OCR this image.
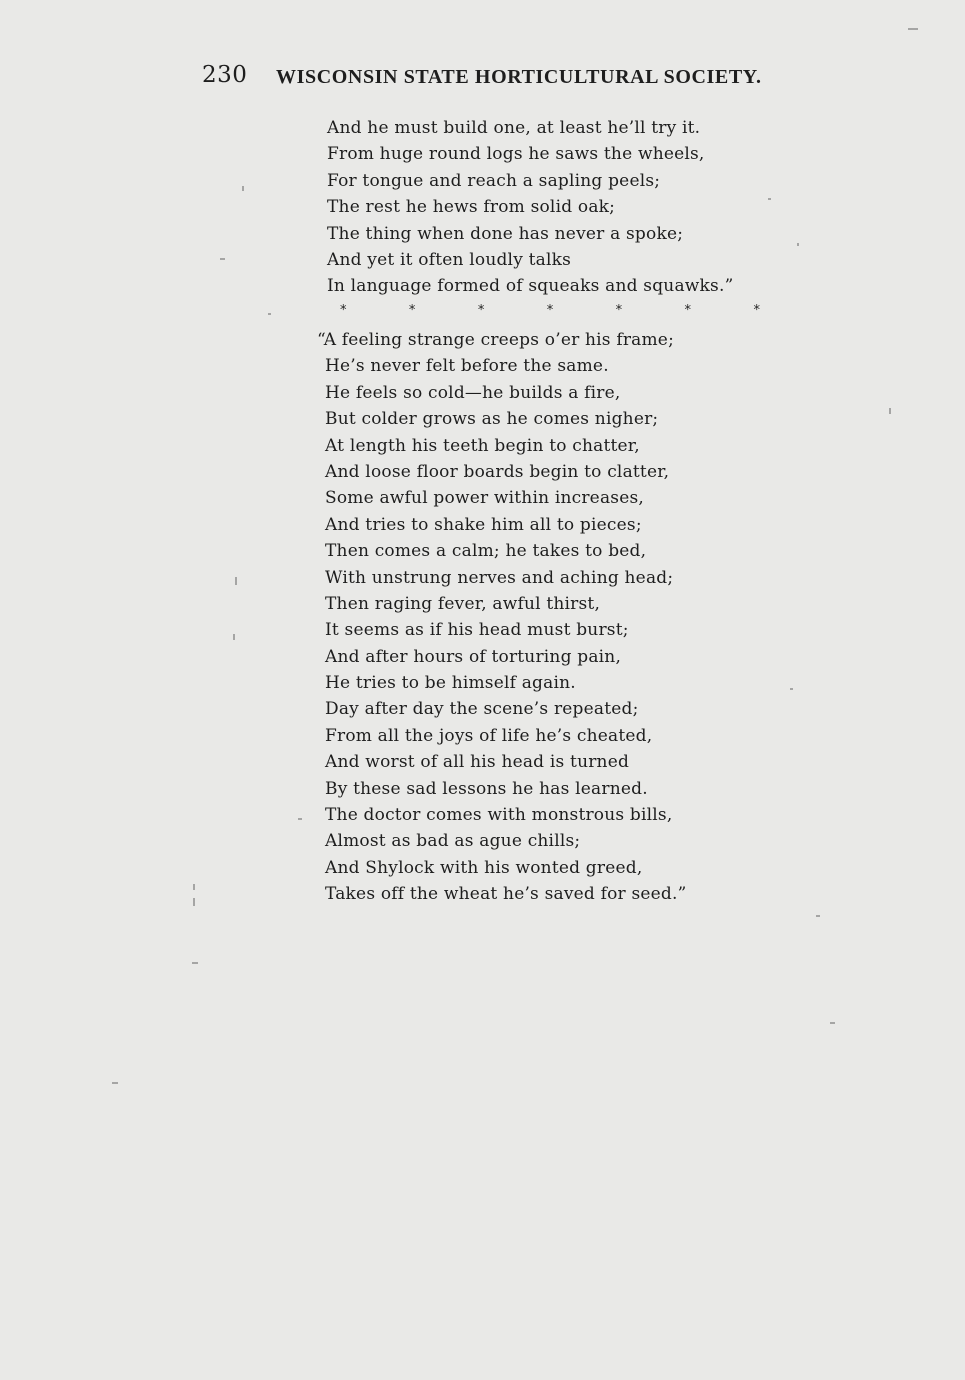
230 WISCONSIN STATE HORTICULTURAL SOCIETY.
And he must build one, at least he’ll try it.
From huge round logs he saws the wheels,
For tongue and reach a sapling peels;
The rest he hews from solid oak;
The thing when done has never a spoke;
And yet it often loudly talks
In language formed of squeaks and squawks.”
*	*	*	*	*	*	*
“A feeling strange creeps o’er his frame;
He’s never felt before the same.
He feels so cold—he builds a fire,
But colder grows as he comes nigher;
At length his teeth begin to chatter,
And loose floor boards begin to clatter,
Some awful power within increases,
And tries to shake him all to pieces;
Then comes a calm; he takes to bed,
With unstrung nerves and aching head;
Then raging fever, awful thirst,
It seems as if his head must burst;
And after hours of torturing pain,
He tries to be himself again.
Day after day the scene’s repeated;
From all the joys of life he’s cheated,
And worst of all his head is turned
By these sad lessons he has learned.
The doctor comes with monstrous bills,
Almost as bad as ague chills;
And Shylock with his wonted greed,
Takes off the wheat he’s saved for seed.”
